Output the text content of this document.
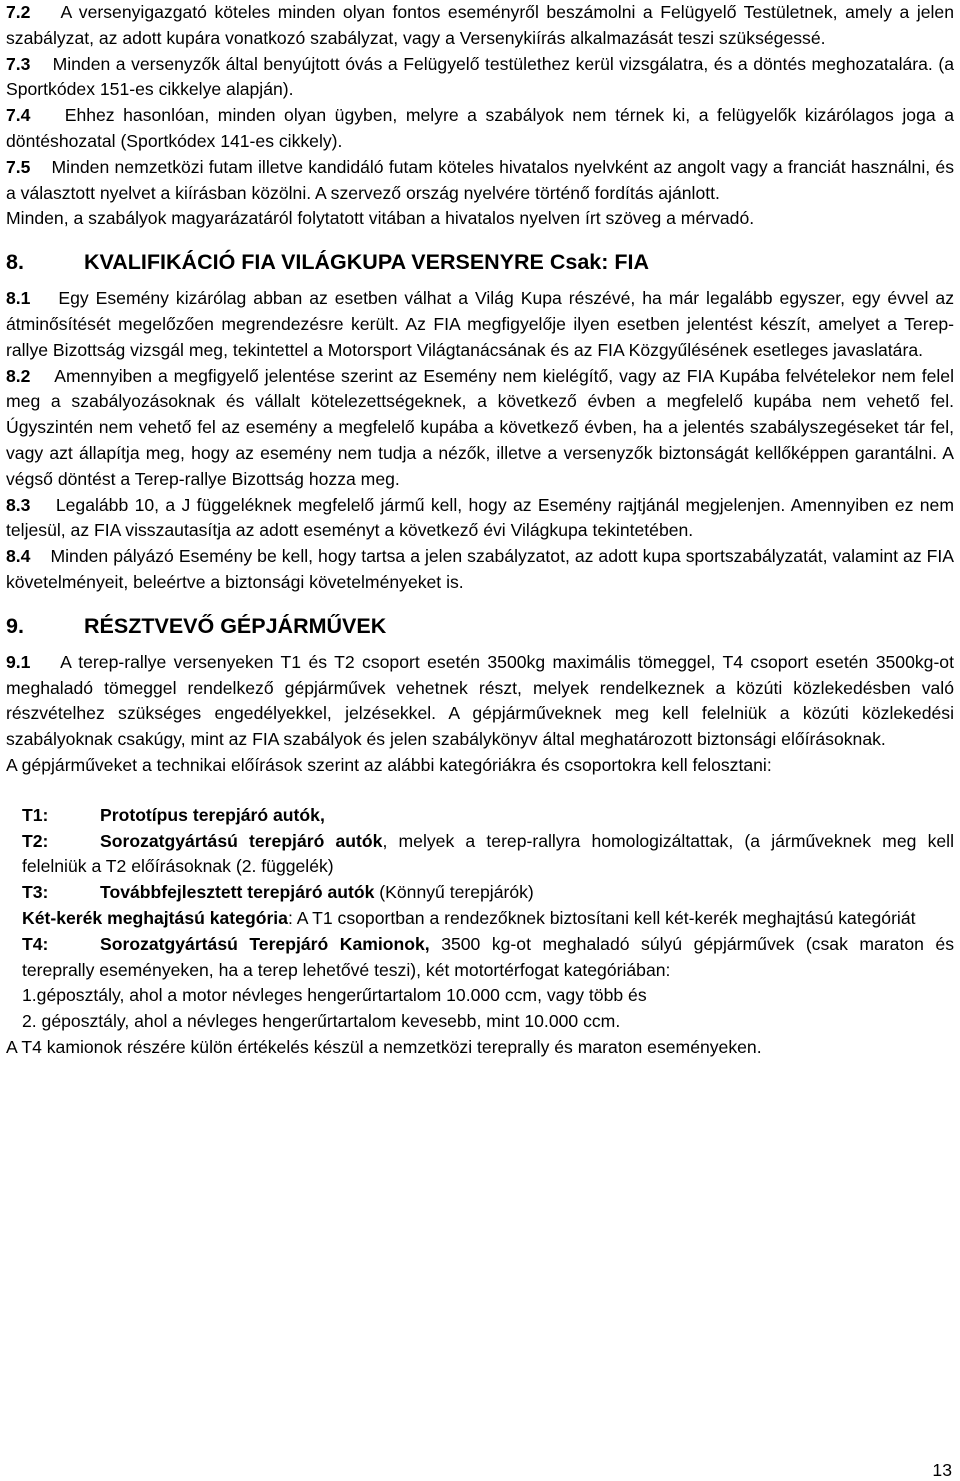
7.2 A versenyigazgató köteles minden olyan fontos eseményről beszámolni a Felügyelő Testületnek, amely a jelen szabályzat, az adott kupára vonatkozó szabályzat, vagy a Versenykiírás alkalmazását teszi szükségessé.

7.3 Minden a versenyzők által benyújtott óvás a Felügyelő testülethez kerül vizsgálatra, és a döntés meghozatalára. (a Sportkódex 151-es cikkelye alapján).

7.4 Ehhez hasonlóan, minden olyan ügyben, melyre a szabályok nem térnek ki, a felügyelők kizárólagos joga a döntéshozatal (Sportkódex 141-es cikkely).

7.5 Minden nemzetközi futam illetve kandidáló futam köteles hivatalos nyelvként az angolt vagy a franciát használni, és a választott nyelvet a kiírásban közölni. A szervező ország nyelvére történő fordítás ajánlott.

Minden, a szabályok magyarázatáról folytatott vitában a hivatalos nyelven írt szöveg a mérvadó.

8.	KVALIFIKÁCIÓ FIA VILÁGKUPA VERSENYRE Csak: FIA

8.1 Egy Esemény kizárólag abban az esetben válhat a Világ Kupa részévé, ha már legalább egyszer, egy évvel az átminősítését megelőzően megrendezésre került. Az FIA megfigyelője ilyen esetben jelentést készít, amelyet a Terep-rallye Bizottság vizsgál meg, tekintettel a Motorsport Világtanácsának és az FIA Közgyűlésének esetleges javaslatára.

8.2 Amennyiben a megfigyelő jelentése szerint az Esemény nem kielégítő, vagy az FIA Kupába felvételekor nem felel meg a szabályozásoknak és vállalt kötelezettségeknek, a következő évben a megfelelő kupába nem vehető fel. Úgyszintén nem vehető fel az esemény a megfelelő kupába a következő évben, ha a jelentés szabályszegéseket tár fel, vagy azt állapítja meg, hogy az esemény nem tudja a nézők, illetve a versenyzők biztonságát kellőképpen garantálni. A végső döntést a Terep-rallye Bizottság hozza meg.

8.3 Legalább 10, a J függeléknek megfelelő jármű kell, hogy az Esemény rajtjánál megjelenjen. Amennyiben ez nem teljesül, az FIA visszautasítja az adott eseményt a következő évi Világkupa tekintetében.

8.4 Minden pályázó Esemény be kell, hogy tartsa a jelen szabályzatot, az adott kupa sportszabályzatát, valamint az FIA követelményeit, beleértve a biztonsági követelményeket is.

9.	RÉSZTVEVŐ GÉPJÁRMŰVEK

9.1 A terep-rallye versenyeken T1 és T2 csoport esetén 3500kg maximális tömeggel, T4 csoport esetén 3500kg-ot meghaladó tömeggel rendelkező gépjárművek vehetnek részt, melyek rendelkeznek a közúti közlekedésben való részvételhez szükséges engedélyekkel, jelzésekkel. A gépjárműveknek meg kell felelniük a közúti közlekedési szabályoknak csakúgy, mint az FIA szabályok és jelen szabálykönyv által meghatározott biztonsági előírásoknak.

A gépjárműveket a technikai előírások szerint az alábbi kategóriákra és csoportokra kell felosztani:

T1:	Prototípus terepjáró autók,

T2:	Sorozatgyártású terepjáró autók, melyek a terep-rallyra homologizáltattak, (a járműveknek meg kell felelniük a T2 előírásoknak (2. függelék)

T3:	Továbbfejlesztett terepjáró autók (Könnyű terepjárók)

Két-kerék meghajtású kategória: A T1 csoportban a rendezőknek biztosítani kell két-kerék meghajtású kategóriát

T4:	Sorozatgyártású Terepjáró Kamionok, 3500 kg-ot meghaladó súlyú gépjárművek (csak maraton és tereprally eseményeken, ha a terep lehetővé teszi), két motortérfogat kategóriában:

1.géposztály, ahol a motor névleges hengerűrtartalom 10.000 ccm, vagy több és

2. géposztály, ahol a névleges hengerűrtartalom kevesebb, mint 10.000 ccm.

A T4 kamionok részére külön értékelés készül a nemzetközi tereprally és maraton eseményeken.

13
